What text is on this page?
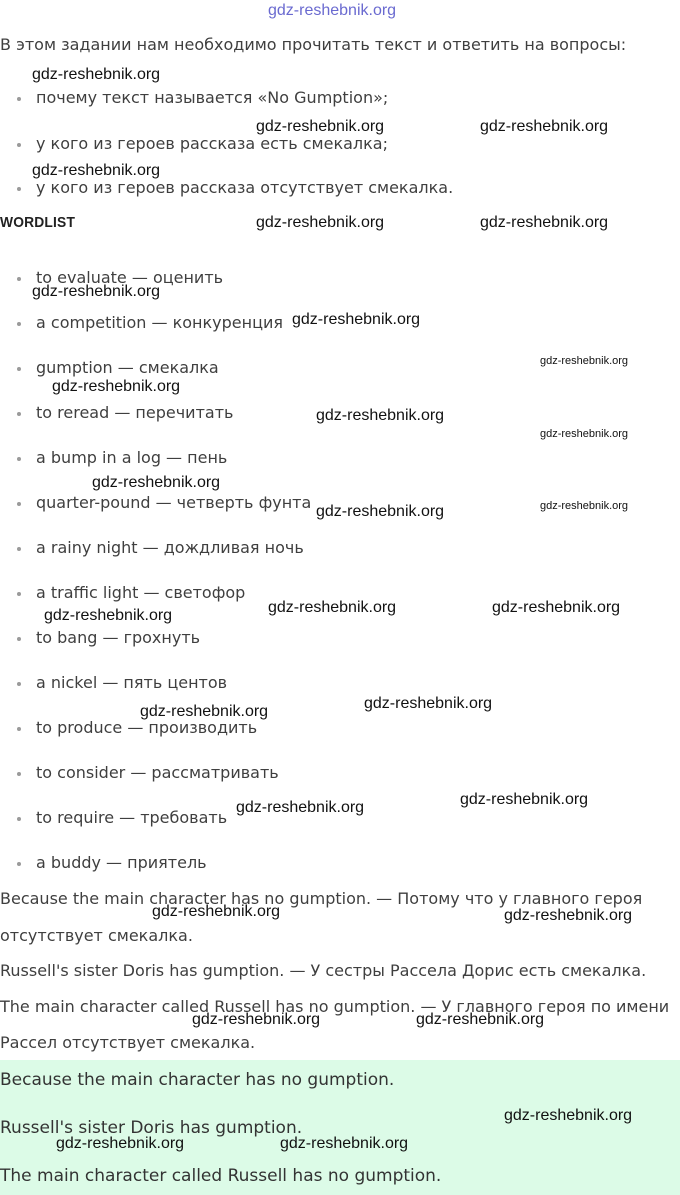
gdz-reshebnik.org
В этом задании нам необходимо прочитать текст и ответить на вопросы:
gdz-reshebnik.org
почему текст называется «No Gumption»;
gdz-reshebnik.org	gdz-reshebnik.org
у кого из героев рассказа есть смекалка;
gdz-reshebnik.org
у кого из героев рассказа отсутствует смекалка.
WORDLIST	gdz-reshebnik.org	gdz-reshebnik.org
to evaluate — оценить
gdz-reshebnik.org
a competition — конкуренция gdz-reshebnik.org
gumption — смекалка	gdz-reshebnik.org
gdz-reshebnik.org
to reread — перечитать	gdz-reshebnik.org
gdz-reshebnik.org
a bump in a log — пень
gdz-reshebnik.org
quarter-pound — четверть фунта	gdz-reshebnik.org
gdz-reshebnik.org
a rainy night — дождливая ночь
a traffic light — светофор
gdz-reshebnik.org	gdz-reshebnik.org
gdz-reshebnik.org
to bang — грохнуть
a nickel — пять центов
gdz-reshebnik.org
gdz-reshebnik.org
to produce — производить
to consider — рассматривать
gdz-reshebnik.org
gdz-reshebnik.org
to require — требовать
a buddy — приятель
Because the main character has no gumption. — Потому что у главного героя
gdz-reshebnik.org	gdz-reshebnik.org
отсутствует смекалка.
Russell's sister Doris has gumption. — У сестры Рассела Дорис есть смекалка.
The main character called Russell has no gumption. — У главного героя по имени
gdz-reshebnik.org	gdz-reshebnik.org
Рассел отсутствует смекалка.
Because the main character has no gumption.
Russell's sister Doris has gumption.
gdz-reshebnik.org
gdz-reshebnik.org	gdz-reshebnik.org
The main character called Russell has no gumption.
